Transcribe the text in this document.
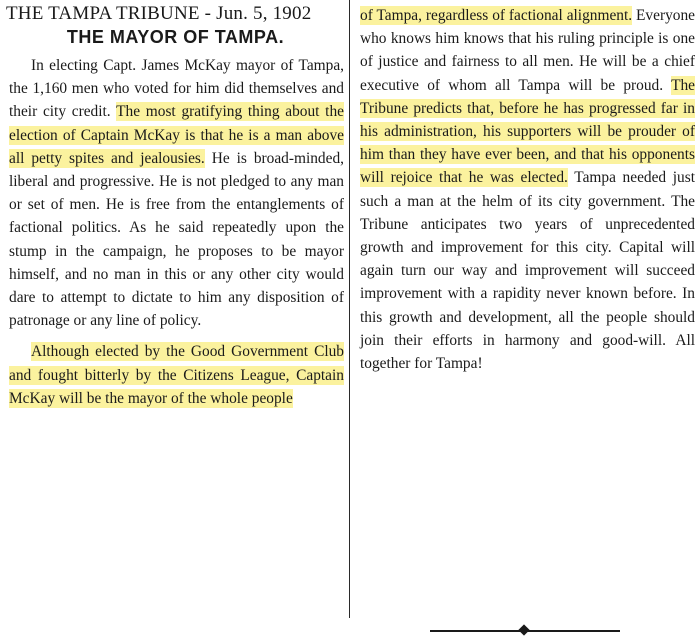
THE TAMPA TRIBUNE - Jun. 5, 1902
THE MAYOR OF TAMPA.

In electing Capt. James McKay mayor of Tampa, the 1,160 men who voted for him did themselves and their city credit. The most gratifying thing about the election of Captain McKay is that he is a man above all petty spites and jealousies. He is broad-minded, liberal and progressive. He is not pledged to any man or set of men. He is free from the entanglements of factional politics. As he said repeatedly upon the stump in the campaign, he proposes to be mayor himself, and no man in this or any other city would dare to attempt to dictate to him any disposition of patronage or any line of policy.

Although elected by the Good Government Club and fought bitterly by the Citizens League, Captain McKay will be the mayor of the whole people

of Tampa, regardless of factional alignment. Everyone who knows him knows that his ruling principle is one of justice and fairness to all men. He will be a chief executive of whom all Tampa will be proud. The Tribune predicts that, before he has progressed far in his administration, his supporters will be prouder of him than they have ever been, and that his opponents will rejoice that he was elected. Tampa needed just such a man at the helm of its city government. The Tribune anticipates two years of unprecedented growth and improvement for this city. Capital will again turn our way and improvement will succeed improvement with a rapidity never known before. In this growth and development, all the people should join their efforts in harmony and good-will. All together for Tampa!
